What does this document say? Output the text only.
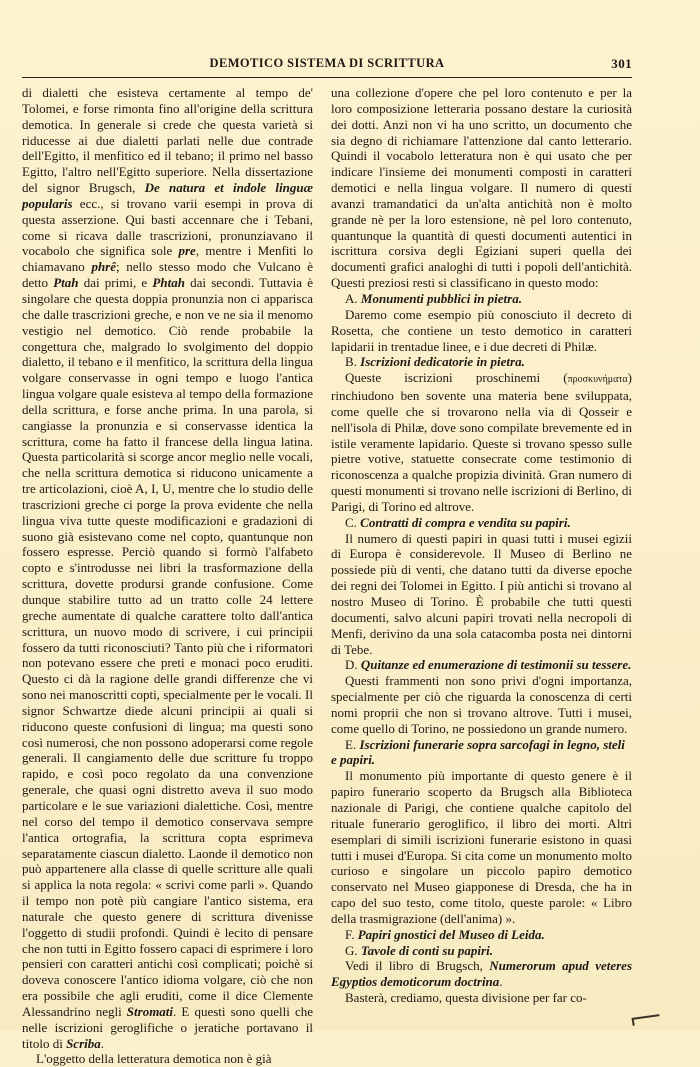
DEMOTICO SISTEMA DI SCRITTURA	301

di dialetti che esisteva certamente al tempo de' Tolomei, e forse rimonta fino all'origine della scrittura demotica. In generale si crede che questa varietà si riducesse ai due dialetti parlati nelle due contrade dell'Egitto, il menfitico ed il tebano; il primo nel basso Egitto, l'altro nell'Egitto superiore. Nella dissertazione del signor Brugsch, De natura et indole linguæ popularis ecc., si trovano varii esempi in prova di questa asserzione. Qui basti accennare che i Tebani, come si ricava dalle trascrizioni, pronunziavano il vocabolo che significa sole pre, mentre i Menfiti lo chiamavano phrê; nello stesso modo che Vulcano è detto Ptah dai primi, e Phtah dai secondi. Tuttavia è singolare che questa doppia pronunzia non ci apparisca che dalle trascrizioni greche, e non ve ne sia il menomo vestigio nel demotico. Ciò rende probabile la congettura che, malgrado lo svolgimento del doppio dialetto, il tebano e il menfitico, la scrittura della lingua volgare conservasse in ogni tempo e luogo l'antica lingua volgare quale esisteva al tempo della formazione della scrittura, e forse anche prima. In una parola, si cangiasse la pronunzia e si conservasse identica la scrittura, come ha fatto il francese della lingua latina. Questa particolarità si scorge ancor meglio nelle vocali, che nella scrittura demotica si riducono unicamente a tre articolazioni, cioè A, I, U, mentre che lo studio delle trascrizioni greche ci porge la prova evidente che nella lingua viva tutte queste modificazioni e gradazioni di suono già esistevano come nel copto, quantunque non fossero espresse. Perciò quando si formò l'alfabeto copto e s'introdusse nei libri la trasformazione della scrittura, dovette prodursi grande confusione. Come dunque stabilire tutto ad un tratto colle 24 lettere greche aumentate di qualche carattere tolto dall'antica scrittura, un nuovo modo di scrivere, i cui principii fossero da tutti riconosciuti? Tanto più che i riformatori non potevano essere che preti e monaci poco eruditi. Questo ci dà la ragione delle grandi differenze che vi sono nei manoscritti copti, specialmente per le vocali. Il signor Schwartze diede alcuni principii ai quali si riducono queste confusioni di lingua; ma questi sono così numerosi, che non possono adoperarsi come regole generali. Il cangiamento delle due scritture fu troppo rapido, e così poco regolato da una convenzione generale, che quasi ogni distretto aveva il suo modo particolare e le sue variazioni dialettiche. Così, mentre nel corso del tempo il demotico conservava sempre l'antica ortografia, la scrittura copta esprimeva separatamente ciascun dialetto. Laonde il demotico non può appartenere alla classe di quelle scritture alle quali si applica la nota regola: « scrivi come parli ». Quando il tempo non potè più cangiare l'antico sistema, era naturale che questo genere di scrittura divenisse l'oggetto di studii profondi. Quindi è lecito di pensare che non tutti in Egitto fossero capaci di esprimere i loro pensieri con caratteri antichi così complicati; poichè si doveva conoscere l'antico idioma volgare, ciò che non era possibile che agli eruditi, come il dice Clemente Alessandrino negli Stromati. E questi sono quelli che nelle iscrizioni geroglifiche o jeratiche portavano il titolo di Scriba.

L'oggetto della letteratura demotica non è già

una collezione d'opere che pel loro contenuto e per la loro composizione letteraria possano destare la curiosità dei dotti. Anzi non vi ha uno scritto, un documento che sia degno di richiamare l'attenzione dal canto letterario. Quindi il vocabolo letteratura non è qui usato che per indicare l'insieme dei monumenti composti in caratteri demotici e nella lingua volgare. Il numero di questi avanzi tramandatici da un'alta antichità non è molto grande nè per la loro estensione, nè pel loro contenuto, quantunque la quantità di questi documenti autentici in iscrittura corsiva degli Egiziani superi quella dei documenti grafici analoghi di tutti i popoli dell'antichità. Questi preziosi resti si classificano in questo modo:

A. Monumenti pubblici in pietra.

Daremo come esempio più conosciuto il decreto di Rosetta, che contiene un testo demotico in caratteri lapidarii in trentadue linee, e i due decreti di Philæ.

B. Iscrizioni dedicatorie in pietra.

Queste iscrizioni proschinemi (προσκυνήματα) rinchiudono ben sovente una materia bene sviluppata, come quelle che si trovarono nella via di Qosseir e nell'isola di Philæ, dove sono compilate brevemente ed in istile veramente lapidario. Queste si trovano spesso sulle pietre votive, statuette consecrate come testimonio di riconoscenza a qualche propizia divinità. Gran numero di questi monumenti si trovano nelle iscrizioni di Berlino, di Parigi, di Torino ed altrove.

C. Contratti di compra e vendita su papiri.

Il numero di questi papiri in quasi tutti i musei egizii di Europa è considerevole. Il Museo di Berlino ne possiede più di venti, che datano tutti da diverse epoche dei regni dei Tolomei in Egitto. I più antichi si trovano al nostro Museo di Torino. È probabile che tutti questi documenti, salvo alcuni papiri trovati nella necropoli di Menfi, derivino da una sola catacomba posta nei dintorni di Tebe.

D. Quitanze ed enumerazione di testimonii su tessere.

Questi frammenti non sono privi d'ogni importanza, specialmente per ciò che riguarda la conoscenza di certi nomi proprii che non si trovano altrove. Tutti i musei, come quello di Torino, ne possiedono un grande numero.

E. Iscrizioni funerarie sopra sarcofagi in legno, steli e papiri.

Il monumento più importante di questo genere è il papiro funerario scoperto da Brugsch alla Biblioteca nazionale di Parigi, che contiene qualche capitolo del rituale funerario geroglifico, il libro dei morti. Altri esemplari di simili iscrizioni funerarie esistono in quasi tutti i musei d'Europa. Si cita come un monumento molto curioso e singolare un piccolo papiro demotico conservato nel Museo giapponese di Dresda, che ha in capo del suo testo, come titolo, queste parole: « Libro della trasmigrazione (dell'anima) ».

F. Papiri gnostici del Museo di Leida.

G. Tavole di conti su papiri.

Vedi il libro di Brugsch, Numerorum apud veteres Egyptios demoticorum doctrina.

Basterà, crediamo, questa divisione per far co-
